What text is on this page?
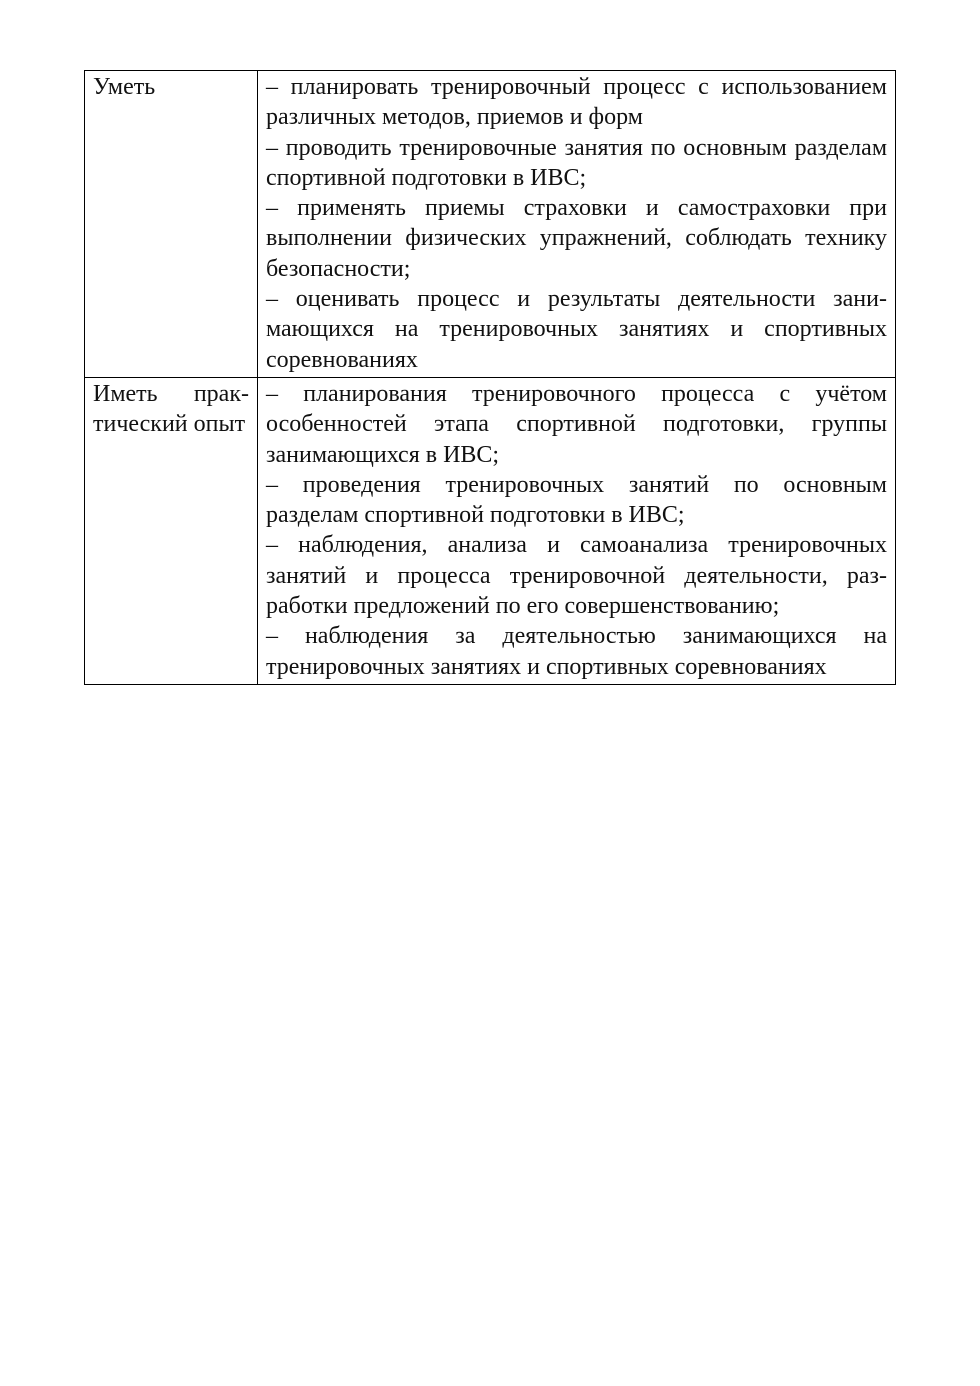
Уметь	– планировать тренировочный процесс с использованием различных методов, приемов и форм
– проводить тренировочные занятия по основным разделам спортивной подготовки в ИВС;
– применять приемы страховки и самостраховки при выполнении физических упражнений, соблюдать технику безопасности;
– оценивать процесс и результаты деятельности занимающихся на тренировочных занятиях и спортивных соревнованиях

Иметь практический опыт	– планирования тренировочного процесса с учётом особенностей этапа спортивной подготовки, группы занимающихся в ИВС;
– проведения тренировочных занятий по основным разделам спортивной подготовки в ИВС;
– наблюдения, анализа и самоанализа тренировочных занятий и процесса тренировочной деятельности, разработки предложений по его совершенствованию;
– наблюдения за деятельностью занимающихся на тренировочных занятиях и спортивных соревнованиях
